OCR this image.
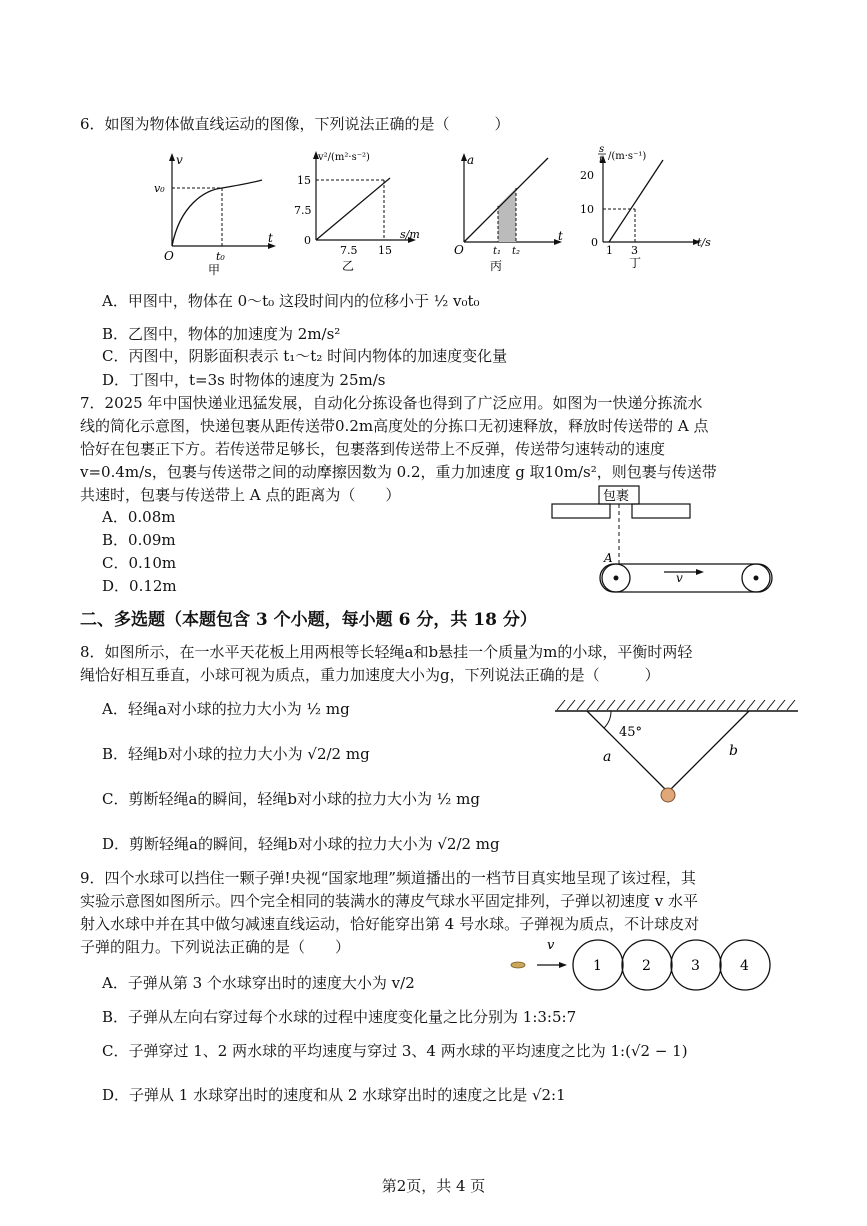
6．如图为物体做直线运动的图像，下列说法正确的是（　　　）
v
v₀
O	t₀
t
甲
v²/(m²·s⁻²)
15
7.5
0
7.5 15
s/m
乙
a
O	t₁ t₂
t
丙
s
t /(m·s⁻¹)
20
10
0
1 3
t/s
丁
A．甲图中，物体在 0～t₀ 这段时间内的位移小于 ½ v₀t₀
B．乙图中，物体的加速度为 2m/s²
C．丙图中，阴影面积表示 t₁～t₂ 时间内物体的加速度变化量
D．丁图中，t=3s 时物体的速度为 25m/s
7．2025 年中国快递业迅猛发展，自动化分拣设备也得到了广泛应用。如图为一快递分拣流水
线的简化示意图，快递包裹从距传送带0.2m高度处的分拣口无初速释放，释放时传送带的 A 点
恰好在包裹正下方。若传送带足够长，包裹落到传送带上不反弹，传送带匀速转动的速度
v=0.4m/s，包裹与传送带之间的动摩擦因数为 0.2，重力加速度 g 取10m/s²，则包裹与传送带
共速时，包裹与传送带上 A 点的距离为（　　）
A．0.08m
B．0.09m
C．0.10m
D．0.12m
包裹
A
v
二、多选题（本题包含 3 个小题，每小题 6 分，共 18 分）
8．如图所示，在一水平天花板上用两根等长轻绳a和b悬挂一个质量为m的小球，平衡时两轻
绳恰好相互垂直，小球可视为质点，重力加速度大小为g，下列说法正确的是（　　　）
A．轻绳a对小球的拉力大小为 ½ mg
B．轻绳b对小球的拉力大小为 √2/2 mg
C．剪断轻绳a的瞬间，轻绳b对小球的拉力大小为 ½ mg
D．剪断轻绳a的瞬间，轻绳b对小球的拉力大小为 √2/2 mg
45°
a	b
9．四个水球可以挡住一颗子弹!央视“国家地理”频道播出的一档节目真实地呈现了该过程，其
实验示意图如图所示。四个完全相同的装满水的薄皮气球水平固定排列，子弹以初速度 v 水平
射入水球中并在其中做匀减速直线运动，恰好能穿出第 4 号水球。子弹视为质点，不计球皮对
子弹的阻力。下列说法正确的是（　　）
A．子弹从第 3 个水球穿出时的速度大小为 v/2
B．子弹从左向右穿过每个水球的过程中速度变化量之比分别为 1:3:5:7
C．子弹穿过 1、2 两水球的平均速度与穿过 3、4 两水球的平均速度之比为 1:(√2 − 1)
D．子弹从 1 水球穿出时的速度和从 2 水球穿出时的速度之比是 √2:1
v
1	2	3	4
第2页，共 4 页
